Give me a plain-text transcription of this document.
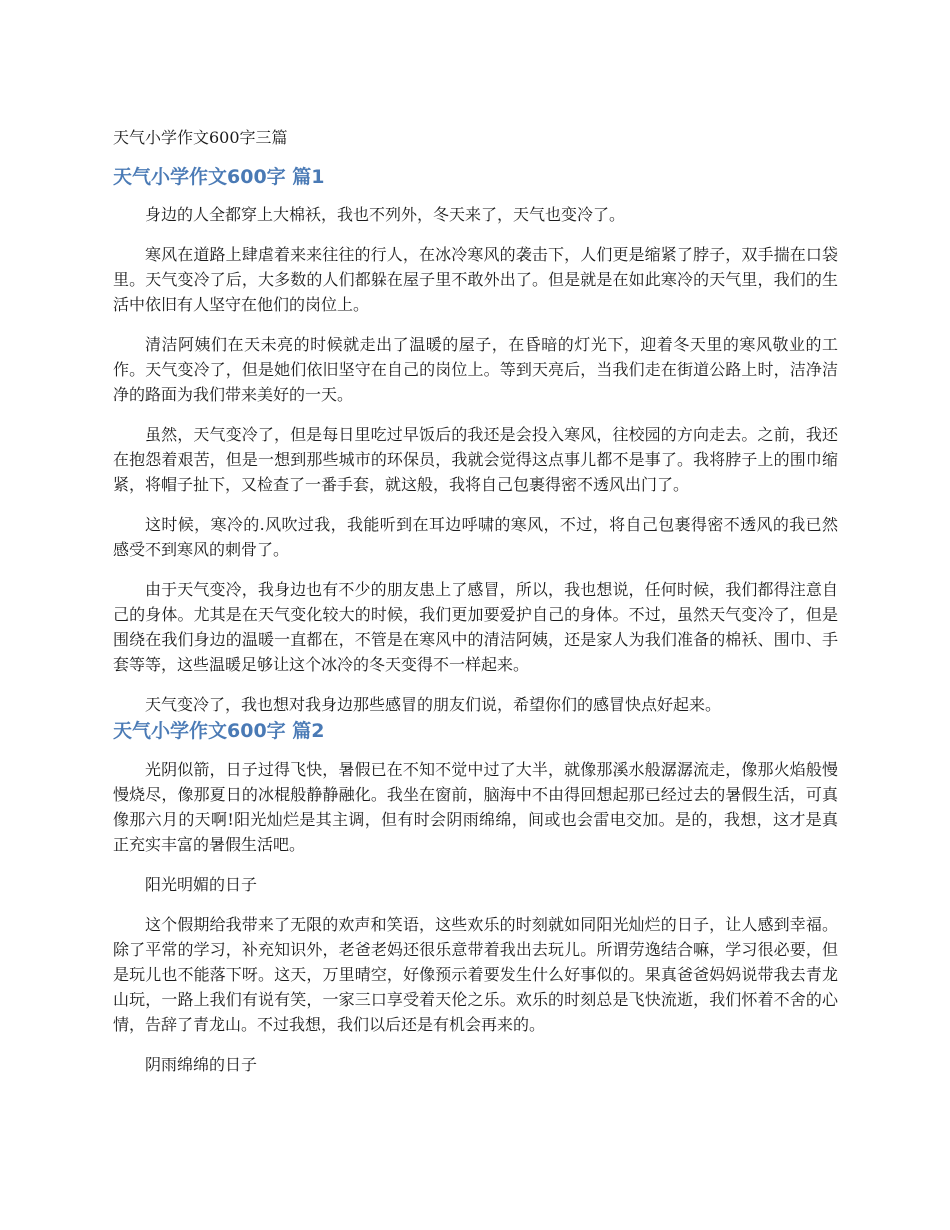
天气小学作文600字三篇
天气小学作文600字 篇1

身边的人全都穿上大棉袄，我也不列外，冬天来了，天气也变冷了。

寒风在道路上肆虐着来来往往的行人，在冰冷寒风的袭击下，人们更是缩紧了脖子，双手揣在口袋里。天气变冷了后，大多数的人们都躲在屋子里不敢外出了。但是就是在如此寒冷的天气里，我们的生活中依旧有人坚守在他们的岗位上。

清洁阿姨们在天未亮的时候就走出了温暖的屋子，在昏暗的灯光下，迎着冬天里的寒风敬业的工作。天气变冷了，但是她们依旧坚守在自己的岗位上。等到天亮后，当我们走在街道公路上时，洁净洁净的路面为我们带来美好的一天。

虽然，天气变冷了，但是每日里吃过早饭后的我还是会投入寒风，往校园的方向走去。之前，我还在抱怨着艰苦，但是一想到那些城市的环保员，我就会觉得这点事儿都不是事了。我将脖子上的围巾缩紧，将帽子扯下，又检查了一番手套，就这般，我将自己包裹得密不透风出门了。

这时候，寒冷的.风吹过我，我能听到在耳边呼啸的寒风，不过，将自己包裹得密不透风的我已然感受不到寒风的刺骨了。

由于天气变冷，我身边也有不少的朋友患上了感冒，所以，我也想说，任何时候，我们都得注意自己的身体。尤其是在天气变化较大的时候，我们更加要爱护自己的身体。不过，虽然天气变冷了，但是围绕在我们身边的温暖一直都在，不管是在寒风中的清洁阿姨，还是家人为我们准备的棉袄、围巾、手套等等，这些温暖足够让这个冰冷的冬天变得不一样起来。

天气变冷了，我也想对我身边那些感冒的朋友们说，希望你们的感冒快点好起来。

天气小学作文600字 篇2

光阴似箭，日子过得飞快，暑假已在不知不觉中过了大半，就像那溪水般潺潺流走，像那火焰般慢慢烧尽，像那夏日的冰棍般静静融化。我坐在窗前，脑海中不由得回想起那已经过去的暑假生活，可真像那六月的天啊!阳光灿烂是其主调，但有时会阴雨绵绵，间或也会雷电交加。是的，我想，这才是真正充实丰富的暑假生活吧。

阳光明媚的日子

这个假期给我带来了无限的欢声和笑语，这些欢乐的时刻就如同阳光灿烂的日子，让人感到幸福。除了平常的学习，补充知识外，老爸老妈还很乐意带着我出去玩儿。所谓劳逸结合嘛，学习很必要，但是玩儿也不能落下呀。这天，万里晴空，好像预示着要发生什么好事似的。果真爸爸妈妈说带我去青龙山玩，一路上我们有说有笑，一家三口享受着天伦之乐。欢乐的时刻总是飞快流逝，我们怀着不舍的心情，告辞了青龙山。不过我想，我们以后还是有机会再来的。

阴雨绵绵的日子
